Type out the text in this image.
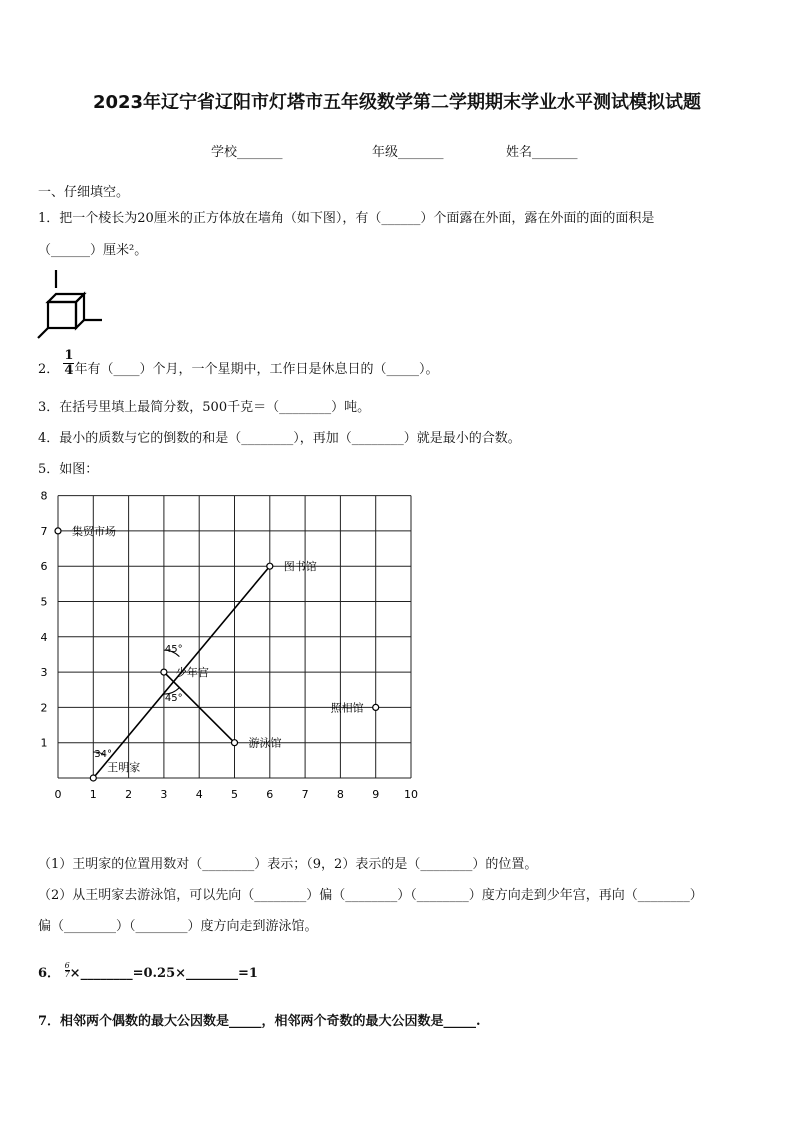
2023年辽宁省辽阳市灯塔市五年级数学第二学期期末学业水平测试模拟试题
学校_______	年级_______	姓名_______
一、仔细填空。
1．把一个棱长为20厘米的正方体放在墙角（如下图），有（______）个面露在外面，露在外面的面的面积是
（______）厘米²。
2． $\frac{1}{4}$ 年有（____）个月，一个星期中，工作日是休息日的（_____）。
3．在括号里填上最简分数，500千克＝（________）吨。
4．最小的质数与它的倒数的和是（________），再加（________）就是最小的合数。
5．如图：
0	1	2	3	4	5	6	7	8	9 10
1
2
3
4
5
6
7
8
45°
45°
34°
集贸市场
图书馆
少年宫
照相馆
游泳馆
王明家
（1）王明家的位置用数对（________）表示；（9，2）表示的是（________）的位置。
（2）从王明家去游泳馆，可以先向（________）偏（________）（________）度方向走到少年宫，再向（________）
偏（________）（________）度方向走到游泳馆。
6． $\frac{6}{7}$ ×________=0.25×________=1
7．相邻两个偶数的最大公因数是_____，相邻两个奇数的最大公因数是_____.
